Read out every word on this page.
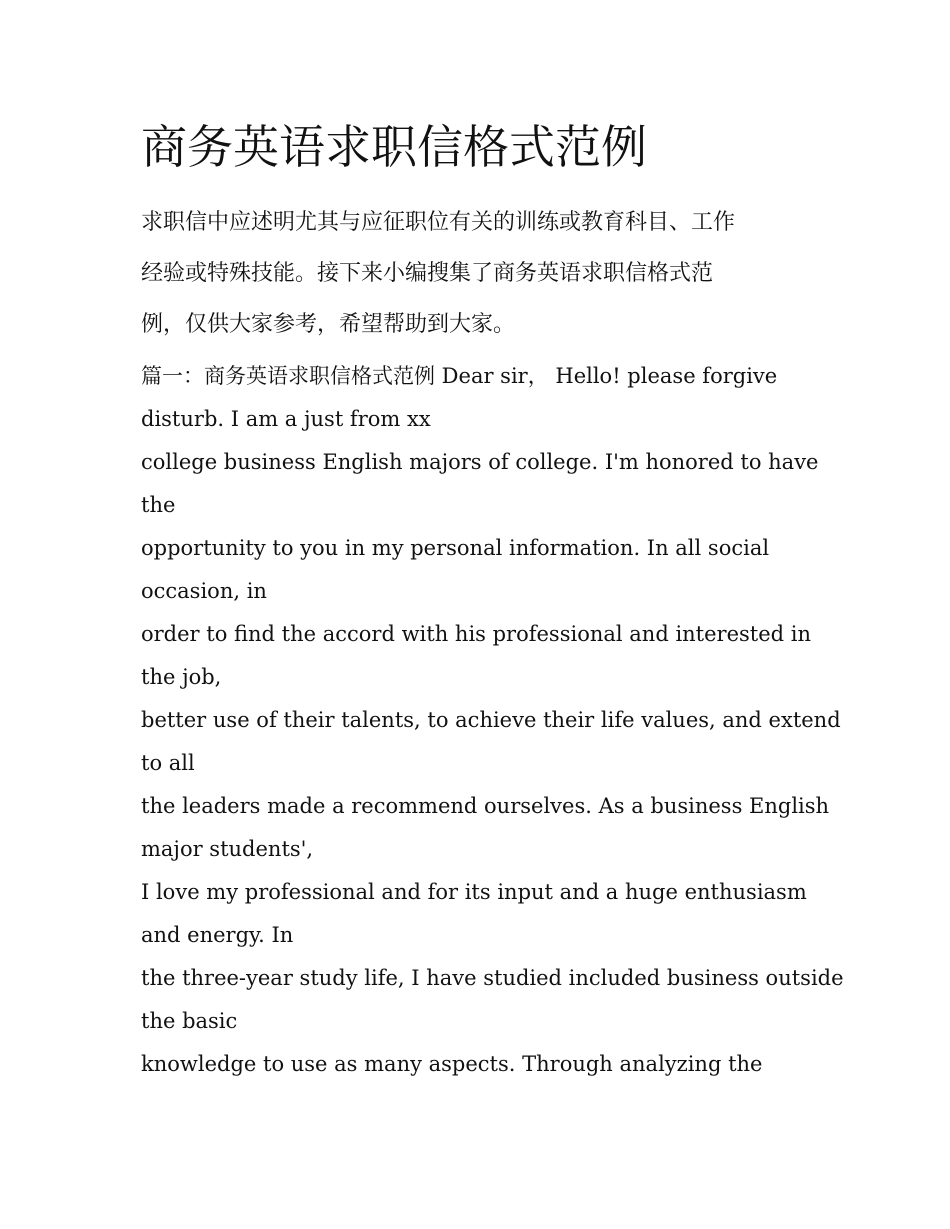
商务英语求职信格式范例
求职信中应述明尤其与应征职位有关的训练或教育科目、工作
经验或特殊技能。接下来小编搜集了商务英语求职信格式范
例，仅供大家参考，希望帮助到大家。
篇一：商务英语求职信格式范例 Dear sir， Hello! please forgive
disturb. I am a just from xx
college business English majors of college. I'm honored to have
the
opportunity to you in my personal information. In all social
occasion, in
order to find the accord with his professional and interested in
the job,
better use of their talents, to achieve their life values, and extend
to all
the leaders made a recommend ourselves. As a business English
major students',
I love my professional and for its input and a huge enthusiasm
and energy. In
the three-year study life, I have studied included business outside
the basic
knowledge to use as many aspects. Through analyzing the
